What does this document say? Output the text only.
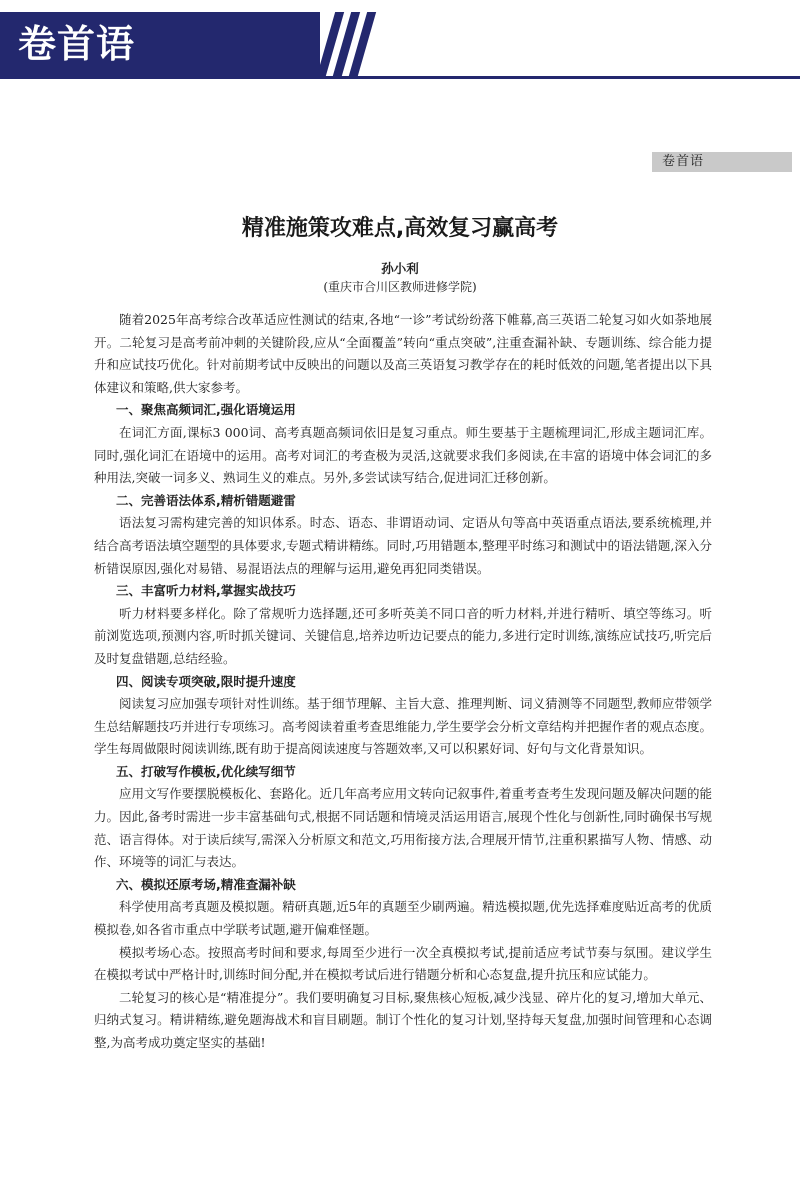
卷首语
卷首语
精准施策攻难点,高效复习赢高考
孙小利
(重庆市合川区教师进修学院)

随着2025年高考综合改革适应性测试的结束,各地“一诊”考试纷纷落下帷幕,高三英语二轮复习如火如荼地展开。二轮复习是高考前冲刺的关键阶段,应从“全面覆盖”转向“重点突破”,注重查漏补缺、专题训练、综合能力提升和应试技巧优化。针对前期考试中反映出的问题以及高三英语复习教学存在的耗时低效的问题,笔者提出以下具体建议和策略,供大家参考。

一、聚焦高频词汇,强化语境运用

在词汇方面,课标3 000词、高考真题高频词依旧是复习重点。师生要基于主题梳理词汇,形成主题词汇库。同时,强化词汇在语境中的运用。高考对词汇的考查极为灵活,这就要求我们多阅读,在丰富的语境中体会词汇的多种用法,突破一词多义、熟词生义的难点。另外,多尝试读写结合,促进词汇迁移创新。

二、完善语法体系,精析错题避雷

语法复习需构建完善的知识体系。时态、语态、非谓语动词、定语从句等高中英语重点语法,要系统梳理,并结合高考语法填空题型的具体要求,专题式精讲精练。同时,巧用错题本,整理平时练习和测试中的语法错题,深入分析错误原因,强化对易错、易混语法点的理解与运用,避免再犯同类错误。

三、丰富听力材料,掌握实战技巧

听力材料要多样化。除了常规听力选择题,还可多听英美不同口音的听力材料,并进行精听、填空等练习。听前浏览选项,预测内容,听时抓关键词、关键信息,培养边听边记要点的能力,多进行定时训练,演练应试技巧,听完后及时复盘错题,总结经验。

四、阅读专项突破,限时提升速度

阅读复习应加强专项针对性训练。基于细节理解、主旨大意、推理判断、词义猜测等不同题型,教师应带领学生总结解题技巧并进行专项练习。高考阅读着重考查思维能力,学生要学会分析文章结构并把握作者的观点态度。学生每周做限时阅读训练,既有助于提高阅读速度与答题效率,又可以积累好词、好句与文化背景知识。

五、打破写作模板,优化续写细节

应用文写作要摆脱模板化、套路化。近几年高考应用文转向记叙事件,着重考查考生发现问题及解决问题的能力。因此,备考时需进一步丰富基础句式,根据不同话题和情境灵活运用语言,展现个性化与创新性,同时确保书写规范、语言得体。对于读后续写,需深入分析原文和范文,巧用衔接方法,合理展开情节,注重积累描写人物、情感、动作、环境等的词汇与表达。

六、模拟还原考场,精准查漏补缺

科学使用高考真题及模拟题。精研真题,近5年的真题至少刷两遍。精选模拟题,优先选择难度贴近高考的优质模拟卷,如各省市重点中学联考试题,避开偏难怪题。

模拟考场心态。按照高考时间和要求,每周至少进行一次全真模拟考试,提前适应考试节奏与氛围。建议学生在模拟考试中严格计时,训练时间分配,并在模拟考试后进行错题分析和心态复盘,提升抗压和应试能力。

二轮复习的核心是“精准提分”。我们要明确复习目标,聚焦核心短板,减少浅显、碎片化的复习,增加大单元、归纳式复习。精讲精练,避免题海战术和盲目刷题。制订个性化的复习计划,坚持每天复盘,加强时间管理和心态调整,为高考成功奠定坚实的基础!
